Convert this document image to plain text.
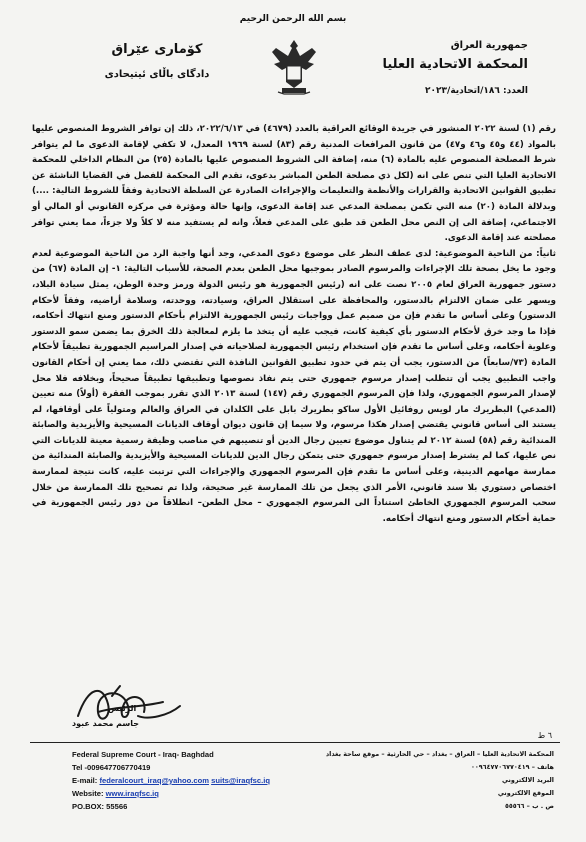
بسم الله الرحمن الرحيم
جمهورية العراق
المحكمة الاتحادية العليا
العدد: ١٨٦/اتحادية/٢٠٢٣
كۆماری عێراق
دادگای باڵای ئیتیحادی

رقم (١) لسنة ٢٠٢٢ المنشور في جريدة الوقائع العراقية بالعدد (٤٦٧٩) في ٢٠٢٢/٦/١٣، ذلك إن توافر الشروط المنصوص عليها بالمواد (٤٤ و٤٥ و٤٦ و٤٧) من قانون المرافعات المدنية رقم (٨٣) لسنة ١٩٦٩ المعدل، لا تكفي لإقامة الدعوى ما لم يتوافر شرط المصلحة المنصوص عليه بالمادة (٦) منه، إضافة الى الشروط المنصوص عليها بالمادة (٢٥) من النظام الداخلي للمحكمة الاتحادية العليا التي تنص على انه (لكل ذي مصلحة الطعن المباشر بدعوى، تقدم الى المحكمة للفصل في القضايا الناشئة عن تطبيق القوانين الاتحادية والقرارات والأنظمة والتعليمات والإجراءات الصادرة عن السلطة الاتحادية وفقاً للشروط التالية: ....) وبدلالة المادة (٢٠) منه التي تكمن بمصلحة المدعي عند إقامة الدعوى، وإنها حالة ومؤثرة في مركزه القانوني أو المالي أو الاجتماعي، إضافة الى إن النص محل الطعن قد طبق على المدعي فعلاً، وانه لم يستفيد منه لا كلاً ولا جزءاً، مما يعني توافر مصلحته عند إقامة الدعوى.

ثانياً: من الناحية الموضوعية: لدى عطف النظر على موضوع دعوى المدعي، وجد أنها واجبة الرد من الناحية الموضوعية لعدم وجود ما يخل بصحة تلك الإجراءات والمرسوم الصادر بموجبها محل الطعن بعدم الصحة، للأسباب التالية: ١- إن المادة (٦٧) من دستور جمهورية العراق لعام ٢٠٠٥ نصت على انه (رئيس الجمهورية هو رئيس الدولة ورمز وحدة الوطن، يمثل سيادة البلاد، ويسهر على ضمان الالتزام بالدستور، والمحافظة على استقلال العراق، وسيادته، ووحدته، وسلامة أراضيه، وفقاً لأحكام الدستور) وعلى أساس ما تقدم فإن من صميم عمل وواجبات رئيس الجمهورية الالتزام بأحكام الدستور ومنع انتهاك أحكامه، فإذا ما وجد خرق لأحكام الدستور بأي كيفية كانت، فيجب عليه أن يتخذ ما يلزم لمعالجة ذلك الخرق بما يضمن سمو الدستور وعلوية أحكامه، وعلى أساس ما تقدم فإن استخدام رئيس الجمهورية لصلاحياته في إصدار المراسيم الجمهورية تطبيقاً لأحكام المادة (٧٣/سابعاً) من الدستور، يجب أن يتم في حدود تطبيق القوانين النافذة التي تقتضي ذلك، مما يعني إن أحكام القانون واجب التطبيق يجب أن تتطلب إصدار مرسوم جمهوري حتى يتم نفاذ نصوصها وتطبيقها تطبيقاً صحيحاً، وبخلافه فلا محل لإصدار المرسوم الجمهوري، ولذا فإن المرسوم الجمهوري رقم (١٤٧) لسنة ٢٠١٣ الذي تقرر بموجب الفقرة (أولاً) منه تعيين (المدعي) البطريرك مار لويس روفائيل الأول ساكو بطريرك بابل على الكلدان في العراق والعالم ومتولياً على أوقافها، لم يستند الى أساس قانوني يقتضي إصدار هكذا مرسوم، ولا سيما إن قانون ديوان أوقاف الديانات المسيحية والأيزيدية والصابئة المندائية رقم (٥٨) لسنة ٢٠١٢ لم يتناول موضوع تعيين رجال الدين أو تنصيبهم في مناصب وظيفة رسمية معينة للديانات التي نص عليها، كما لم يشترط إصدار مرسوم جمهوري حتى يتمكن رجال الدين للديانات المسيحية والأيزيدية والصابئة المندائية من ممارسة مهامهم الدينية، وعلى أساس ما تقدم فإن المرسوم الجمهوري والإجراءات التي ترتبت عليه، كانت نتيجة لممارسة اختصاص دستوري بلا سند قانوني، الأمر الذي يجعل من تلك الممارسة غير صحيحة، ولذا تم تصحيح تلك الممارسة من خلال سحب المرسوم الجمهوري الخاطئ استناداً الى المرسوم الجمهوري – محل الطعن– انطلاقاً من دور رئيس الجمهورية في حماية أحكام الدستور ومنع انتهاك أحكامه.

الرئيس
جاسم محمد عبود
٦ ط
Federal Supreme Court - Iraq- Baghdad
Tel -009647706770419
E-mail: federalcourt_iraq@yahoo.com suits@iraqfsc.iq
Website: www.iraqfsc.iq
PO.BOX: 55566
المحكمة الاتحادية العليا – العراق – بغداد – حي الحارثية – موقع ساحة بغداد
هاتف – ٠٠٩٦٤٧٧٠٦٧٧٠٤١٩
البريد الالكتروني
الموقع الالكتروني
ص . ب – ٥٥٥٦٦
